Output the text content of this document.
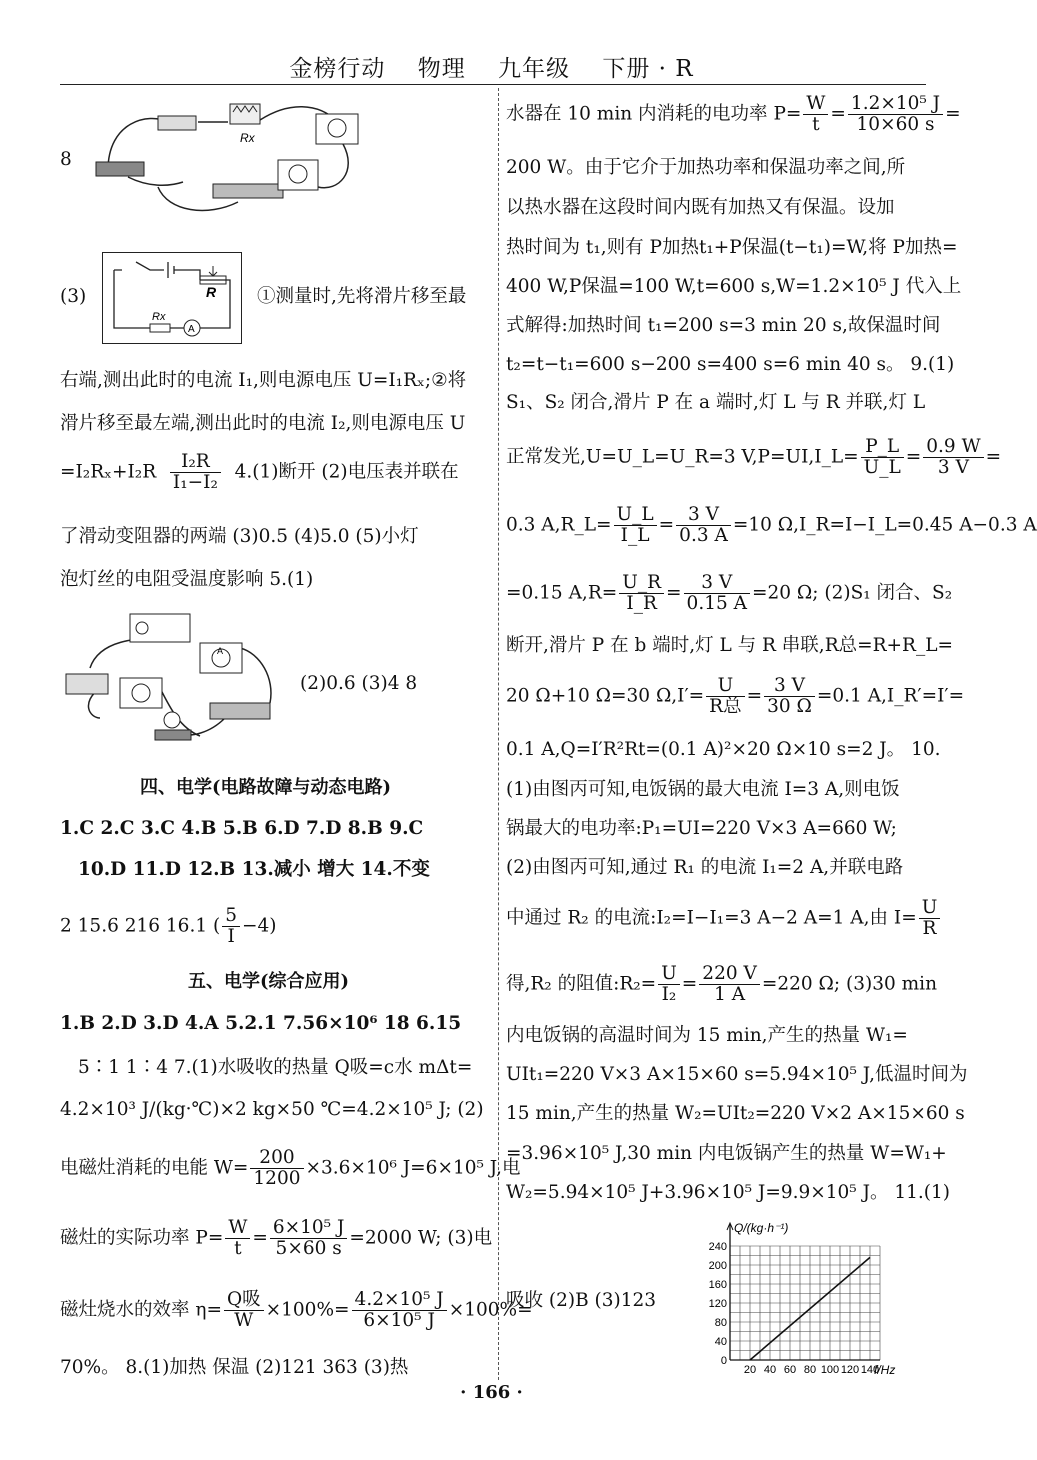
金榜行动 物理 九年级 下册 · R
8
Rx
(3)	R
Rx
A
①测量时,先将滑片移至最
右端,测出此时的电流 I₁,则电源电压 U=I₁Rₓ;②将
滑片移至最左端,测出此时的电流 I₂,则电源电压 U
$=I_2R_x+I_2R \frac{\text{I₂R}}{\text{I₁−I₂}} 4.(1)$断开 (2)电压表并联在
了滑动变阻器的两端 (3)0.5 (4)5.0 (5)小灯
泡灯丝的电阻受温度影响 5.(1)
A
(2)0.6 (3)4 8
四、电学(电路故障与动态电路)
1.C 2.C 3.C 4.B 5.B 6.D 7.D 8.B 9.C
10.D 11.D 12.B 13.减小 增大 14.不变
2 15.6 216 16.1 ( $\frac{5}{I} -4$)
五、电学(综合应用)
1.B 2.D 3.D 4.A 5.2.1 7.56×10⁶ 18 6.15
5∶1 1∶4 7.(1)水吸收的热量 Q吸=c水 mΔt=
4.2×10³ J/(kg·℃)×2 kg×50 ℃=4.2×10⁵ J; (2)
电磁灶消耗的电能 $W= \frac{200}{1200} \times 3.6\times 10^6$ J=6×10⁵ J,电
磁灶的实际功率 $P= \frac{W}{t} = \frac{\text{6×10⁵ J}}{5\times 60 s} =2000$ W; (3)电
磁灶烧水的效率 η= Q吸
$W \times 100\%= \frac{\text{4.2×10⁵ J}}{\text{6×10⁵ J}} \times 100\%=$
70%。 8.(1)加热 保温 (2)121 363 (3)热
水器在 10 min 内消耗的电功率 $P= \frac{W}{t} = \frac{\text{1.2×10⁵ J}}{10\times 60 s}$ =
200 W。由于它介于加热功率和保温功率之间,所
以热水器在这段时间内既有加热又有保温。设加
热时间为 t₁,则有 P加热t₁+P保温(t−t₁)=W,将 P加热=
400 W,P保温=100 W,t=600 s,W=1.2×10⁵ J 代入上
式解得:加热时间 t₁=200 s=3 min 20 s,故保温时间
t₂=t−t₁=600 s−200 s=400 s=6 min 40 s。 9.(1)
S₁、S₂ 闭合,滑片 P 在 a 端时,灯 L 与 R 并联,灯 L
正常发光,U=U_L=U_R=3 V,P=UI,I_L= $\frac{P\_L}{U\_L} = \frac{0.9 W}{3 V}$ =
0.3 A,R_L= $\frac{U\_L}{I\_L} = \frac{3 V}{0.3 A} =10$ Ω,I_R=I−I_L=0.45 A−0.3 A
=0.15 $A,R= \frac{U\_R}{I\_R} = \frac{3 V}{0.15 A} =20$ Ω; (2)S₁ 闭合、S₂
断开,滑片 P 在 b 端时,灯 L 与 R 串联,R总=R+R_L=
20 Ω+10 Ω=30 Ω,I′= U
R总 = $\frac{3 V}{30 \Omega} =0.1$ A,I_R′=I′=
0.1 A,Q=I′R²Rt=(0.1 A)²×20 Ω×10 s=2 J。 10.
(1)由图丙可知,电饭锅的最大电流 I=3 A,则电饭
锅最大的电功率:P₁=UI=220 V×3 A=660 W;
(2)由图丙可知,通过 R₁ 的电流 I₁=2 A,并联电路
中通过 R₂ 的电流:I₂=I−I₁=3 A−2 A=1 A,由 $I= \frac{U}{R}$
得,R₂ 的阻值:R₂= $\frac{U}{\text{I₂}} = \frac{220 V}{1 A} =220$ Ω; (3)30 min
内电饭锅的高温时间为 15 min,产生的热量 W₁=
UIt₁=220 V×3 A×15×60 s=5.94×10⁵ J,低温时间为
15 min,产生的热量 W₂=UIt₂=220 V×2 A×15×60 s
=3.96×10⁵ J,30 min 内电饭锅产生的热量 W=W₁+
W₂=5.94×10⁵ J+3.96×10⁵ J=9.9×10⁵ J。 11.(1)
吸收 (2)B (3)123
20 40 60 80 100 120 140
0
40
80
120
160
200
240
Q/(kg·h⁻¹)
f/Hz
· 166 ·
